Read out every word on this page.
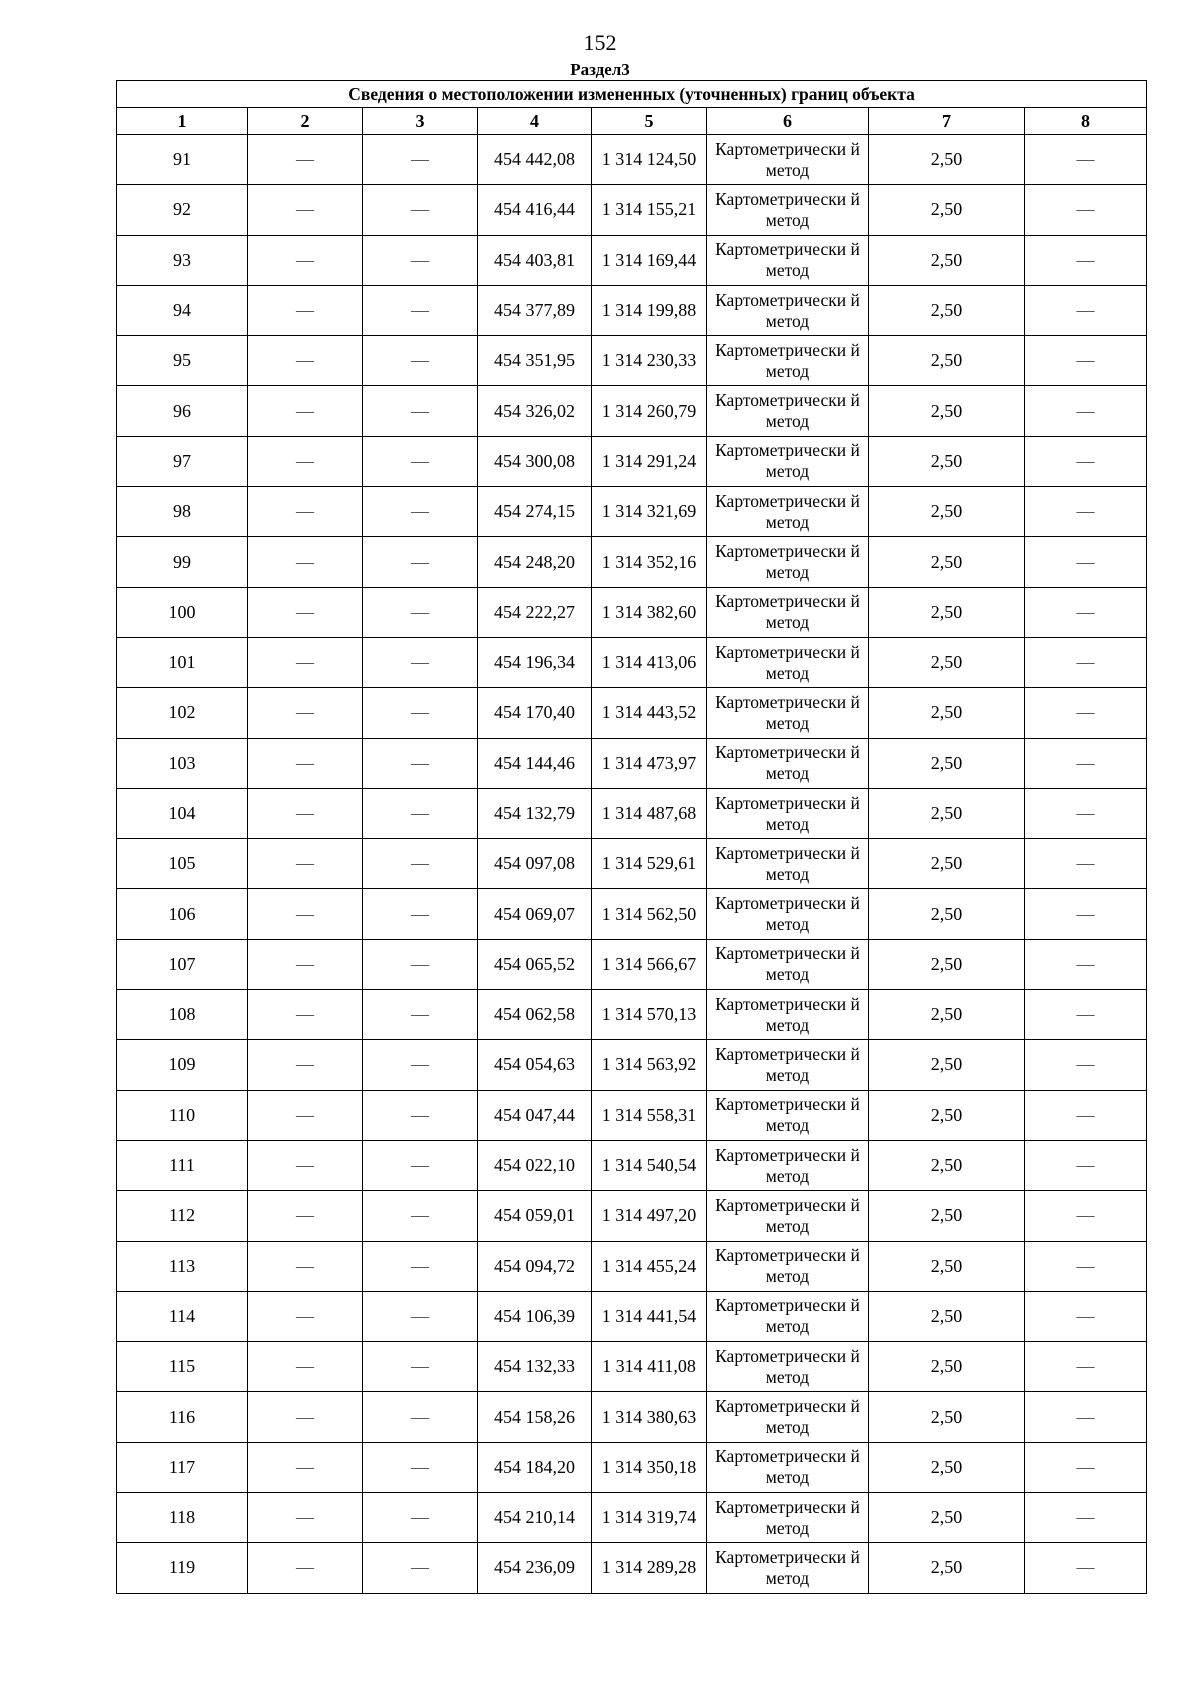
152
Раздел3
Сведения о местоположении измененных (уточненных) границ объекта							
1	2	3	4	5	6	7	8
91	—	—	454 442,08	1 314 124,50	Картометрически й метод	2,50	—
92	—	—	454 416,44	1 314 155,21	Картометрически й метод	2,50	—
93	—	—	454 403,81	1 314 169,44	Картометрически й метод	2,50	—
94	—	—	454 377,89	1 314 199,88	Картометрически й метод	2,50	—
95	—	—	454 351,95	1 314 230,33	Картометрически й метод	2,50	—
96	—	—	454 326,02	1 314 260,79	Картометрически й метод	2,50	—
97	—	—	454 300,08	1 314 291,24	Картометрически й метод	2,50	—
98	—	—	454 274,15	1 314 321,69	Картометрически й метод	2,50	—
99	—	—	454 248,20	1 314 352,16	Картометрически й метод	2,50	—
100	—	—	454 222,27	1 314 382,60	Картометрически й метод	2,50	—
101	—	—	454 196,34	1 314 413,06	Картометрически й метод	2,50	—
102	—	—	454 170,40	1 314 443,52	Картометрически й метод	2,50	—
103	—	—	454 144,46	1 314 473,97	Картометрически й метод	2,50	—
104	—	—	454 132,79	1 314 487,68	Картометрически й метод	2,50	—
105	—	—	454 097,08	1 314 529,61	Картометрически й метод	2,50	—
106	—	—	454 069,07	1 314 562,50	Картометрически й метод	2,50	—
107	—	—	454 065,52	1 314 566,67	Картометрически й метод	2,50	—
108	—	—	454 062,58	1 314 570,13	Картометрически й метод	2,50	—
109	—	—	454 054,63	1 314 563,92	Картометрически й метод	2,50	—
110	—	—	454 047,44	1 314 558,31	Картометрически й метод	2,50	—
111	—	—	454 022,10	1 314 540,54	Картометрически й метод	2,50	—
112	—	—	454 059,01	1 314 497,20	Картометрически й метод	2,50	—
113	—	—	454 094,72	1 314 455,24	Картометрически й метод	2,50	—
114	—	—	454 106,39	1 314 441,54	Картометрически й метод	2,50	—
115	—	—	454 132,33	1 314 411,08	Картометрически й метод	2,50	—
116	—	—	454 158,26	1 314 380,63	Картометрически й метод	2,50	—
117	—	—	454 184,20	1 314 350,18	Картометрически й метод	2,50	—
118	—	—	454 210,14	1 314 319,74	Картометрически й метод	2,50	—
119	—	—	454 236,09	1 314 289,28	Картометрически й метод	2,50	—
